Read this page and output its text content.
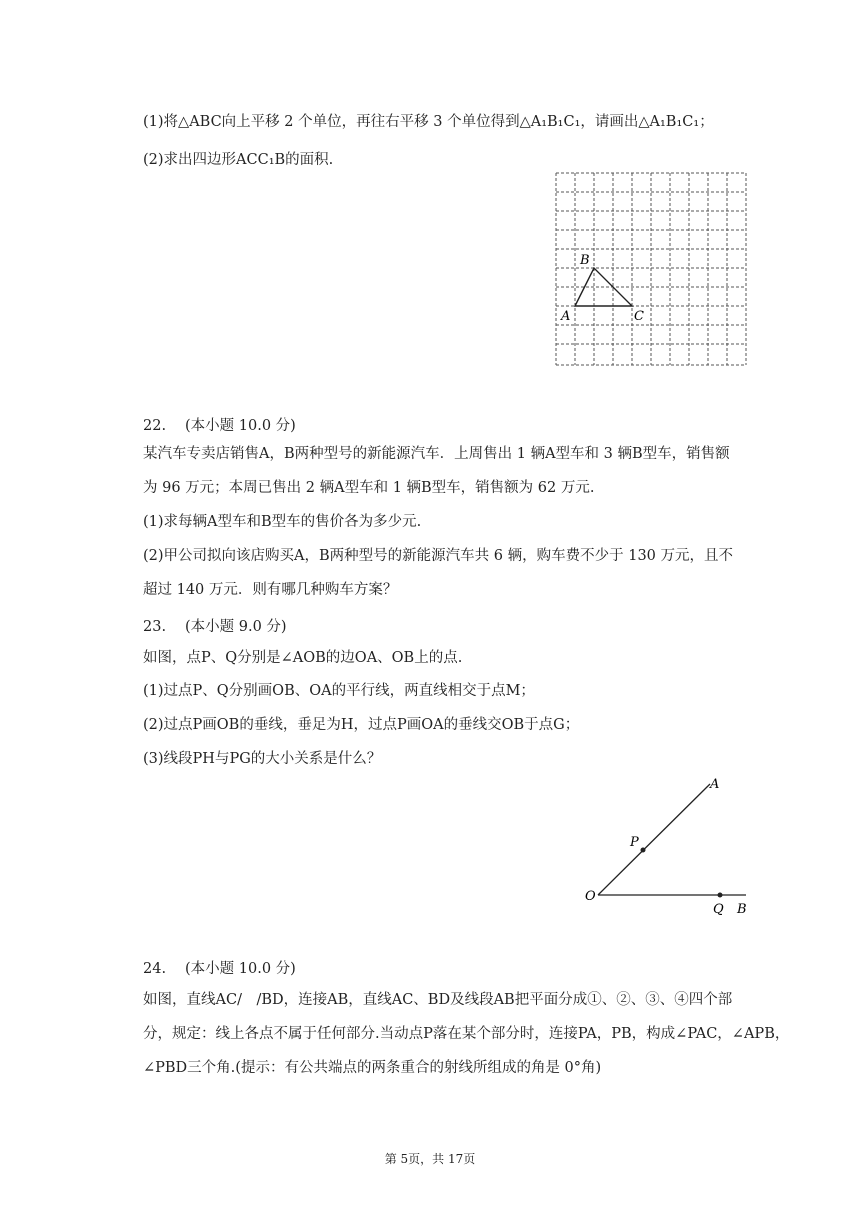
(1)将△ABC向上平移 2 个单位，再往右平移 3 个单位得到△A₁B₁C₁，请画出△A₁B₁C₁；
(2)求出四边形ACC₁B的面积.
B
A	C
22. (本小题 10.0 分)
某汽车专卖店销售A，B两种型号的新能源汽车．上周售出 1 辆A型车和 3 辆B型车，销售额
为 96 万元；本周已售出 2 辆A型车和 1 辆B型车，销售额为 62 万元.
(1)求每辆A型车和B型车的售价各为多少元.
(2)甲公司拟向该店购买A，B两种型号的新能源汽车共 6 辆，购车费不少于 130 万元，且不
超过 140 万元．则有哪几种购车方案？
23. (本小题 9.0 分)
如图，点P、Q分别是∠AOB的边OA、OB上的点.
(1)过点P、Q分别画OB、OA的平行线，两直线相交于点M；
(2)过点P画OB的垂线，垂足为H，过点P画OA的垂线交OB于点G；
(3)线段PH与PG的大小关系是什么？
A
P
O
Q B
24. (本小题 10.0 分)
如图，直线AC/　/BD，连接AB，直线AC、BD及线段AB把平面分成①、②、③、④四个部
分，规定：线上各点不属于任何部分.当动点P落在某个部分时，连接PA，PB，构成∠PAC，∠APB，
∠PBD三个角.(提示：有公共端点的两条重合的射线所组成的角是 0°角)
第 5页，共 17页
